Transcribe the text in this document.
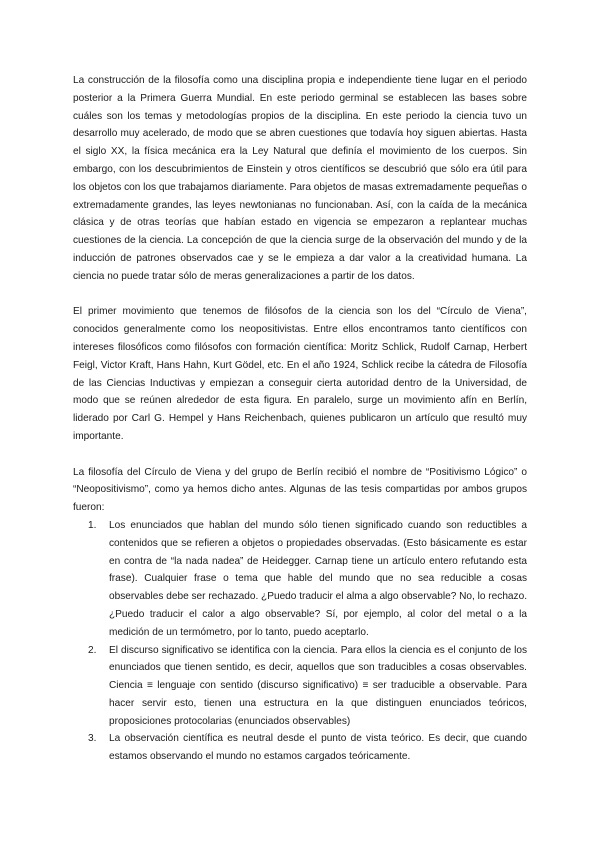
La construcción de la filosofía como una disciplina propia e independiente tiene lugar en el periodo posterior a la Primera Guerra Mundial. En este periodo germinal se establecen las bases sobre cuáles son los temas y metodologías propios de la disciplina. En este periodo la ciencia tuvo un desarrollo muy acelerado, de modo que se abren cuestiones que todavía hoy siguen abiertas. Hasta el siglo XX, la física mecánica era la Ley Natural que definía el movimiento de los cuerpos. Sin embargo, con los descubrimientos de Einstein y otros científicos se descubrió que sólo era útil para los objetos con los que trabajamos diariamente. Para objetos de masas extremadamente pequeñas o extremadamente grandes, las leyes newtonianas no funcionaban. Así, con la caída de la mecánica clásica y de otras teorías que habían estado en vigencia se empezaron a replantear muchas cuestiones de la ciencia. La concepción de que la ciencia surge de la observación del mundo y de la inducción de patrones observados cae y se le empieza a dar valor a la creatividad humana. La ciencia no puede tratar sólo de meras generalizaciones a partir de los datos.

El primer movimiento que tenemos de filósofos de la ciencia son los del “Círculo de Viena”, conocidos generalmente como los neopositivistas. Entre ellos encontramos tanto científicos con intereses filosóficos como filósofos con formación científica: Moritz Schlick, Rudolf Carnap, Herbert Feigl, Victor Kraft, Hans Hahn, Kurt Gödel, etc. En el año 1924, Schlick recibe la cátedra de Filosofía de las Ciencias Inductivas y empiezan a conseguir cierta autoridad dentro de la Universidad, de modo que se reúnen alrededor de esta figura. En paralelo, surge un movimiento afín en Berlín, liderado por Carl G. Hempel y Hans Reichenbach, quienes publicaron un artículo que resultó muy importante.

La filosofía del Círculo de Viena y del grupo de Berlín recibió el nombre de “Positivismo Lógico” o “Neopositivismo”, como ya hemos dicho antes. Algunas de las tesis compartidas por ambos grupos fueron:

1. Los enunciados que hablan del mundo sólo tienen significado cuando son reductibles a contenidos que se refieren a objetos o propiedades observadas. (Esto básicamente es estar en contra de “la nada nadea” de Heidegger. Carnap tiene un artículo entero refutando esta frase). Cualquier frase o tema que hable del mundo que no sea reducible a cosas observables debe ser rechazado. ¿Puedo traducir el alma a algo observable? No, lo rechazo. ¿Puedo traducir el calor a algo observable? Sí, por ejemplo, al color del metal o a la medición de un termómetro, por lo tanto, puedo aceptarlo.
2. El discurso significativo se identifica con la ciencia. Para ellos la ciencia es el conjunto de los enunciados que tienen sentido, es decir, aquellos que son traducibles a cosas observables. Ciencia ≡ lenguaje con sentido (discurso significativo) ≡ ser traducible a observable. Para hacer servir esto, tienen una estructura en la que distinguen enunciados teóricos, proposiciones protocolarias (enunciados observables)
3. La observación científica es neutral desde el punto de vista teórico. Es decir, que cuando estamos observando el mundo no estamos cargados teóricamente.
